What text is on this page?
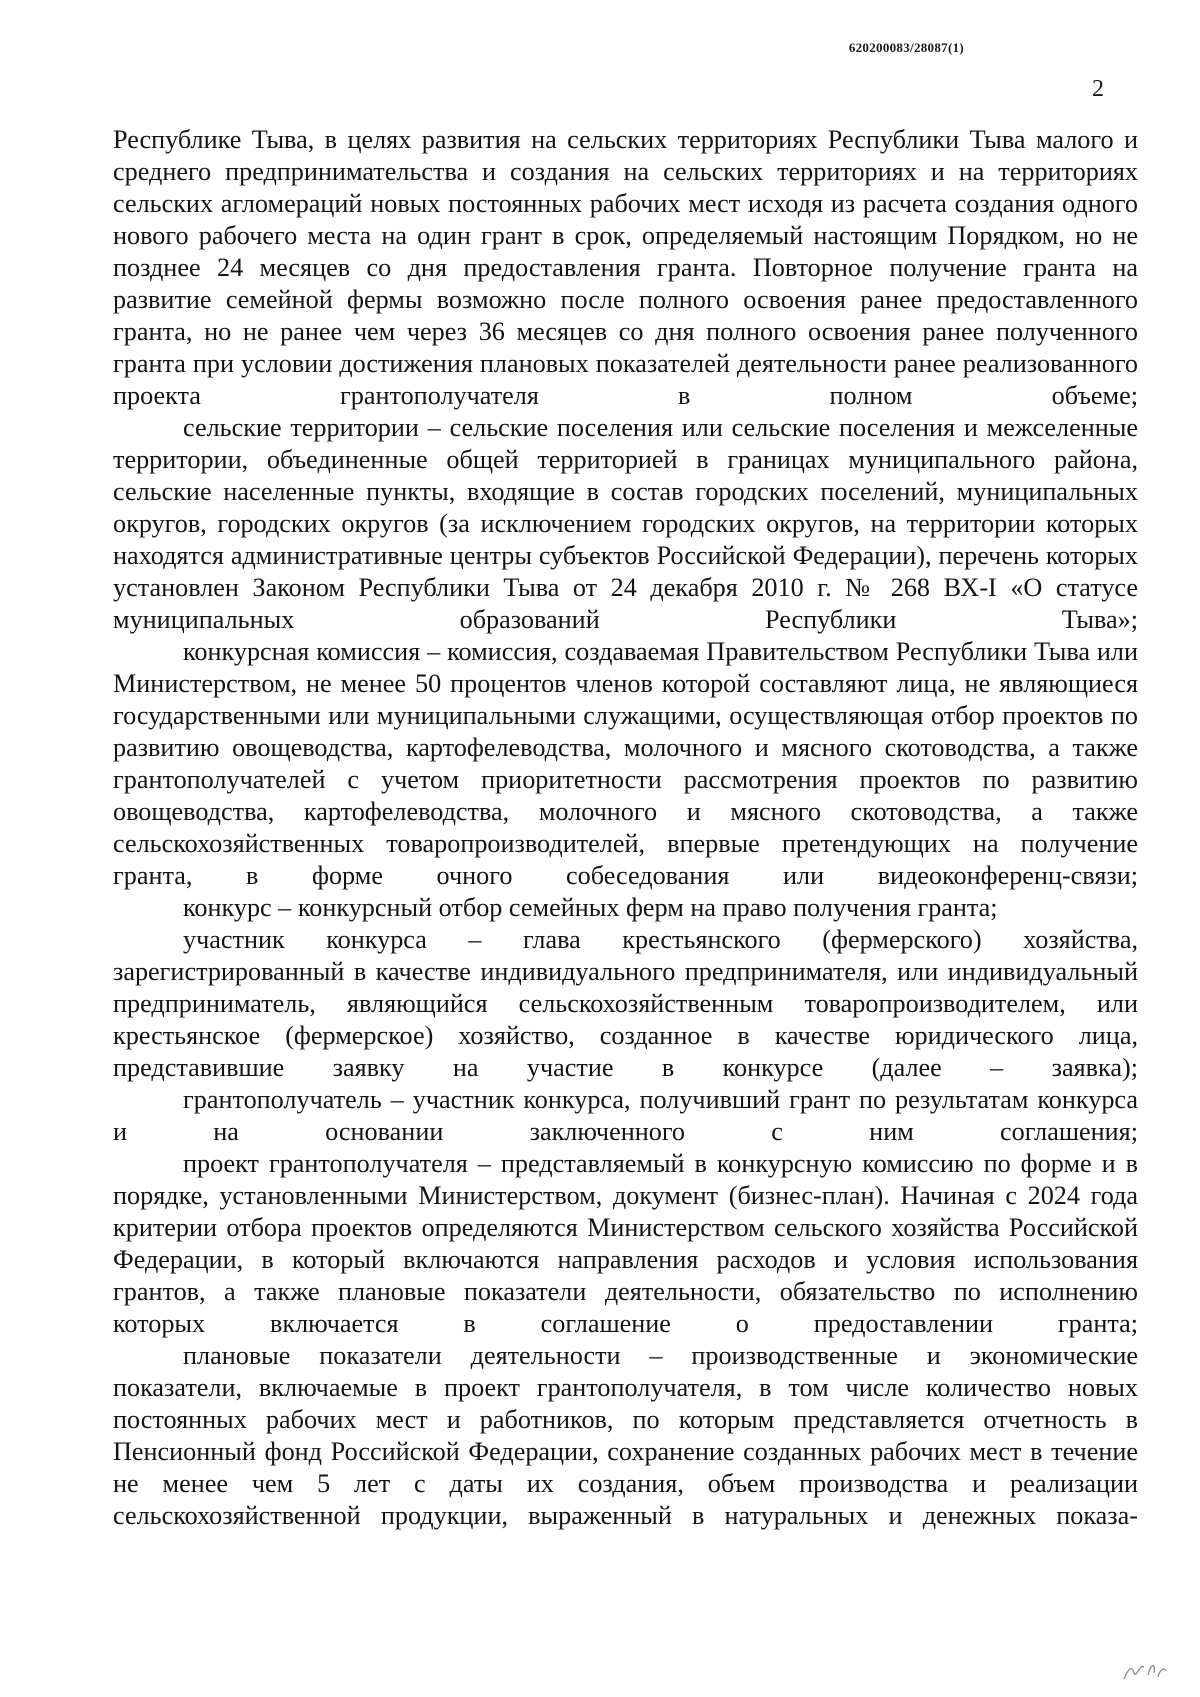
620200083/28087(1)
2

Республике Тыва, в целях развития на сельских территориях Республики Тыва малого и среднего предпринимательства и создания на сельских территориях и на территориях сельских агломераций новых постоянных рабочих мест исходя из расчета создания одного нового рабочего места на один грант в срок, определяемый настоящим Порядком, но не позднее 24 месяцев со дня предоставления гранта. Повторное получение гранта на развитие семейной фермы возможно после полного освоения ранее предоставленного гранта, но не ранее чем через 36 месяцев со дня полного освоения ранее полученного гранта при условии достижения плановых показателей деятельности ранее реализованного проекта грантополучателя в полном объеме;

сельские территории – сельские поселения или сельские поселения и межселенные территории, объединенные общей территорией в границах муниципального района, сельские населенные пункты, входящие в состав городских поселений, муниципальных округов, городских округов (за исключением городских округов, на территории которых находятся административные центры субъектов Российской Федерации), перечень которых установлен Законом Республики Тыва от 24 декабря 2010 г. № 268 ВХ-I «О статусе муниципальных образований Республики Тыва»;

конкурсная комиссия – комиссия, создаваемая Правительством Республики Тыва или Министерством, не менее 50 процентов членов которой составляют лица, не являющиеся государственными или муниципальными служащими, осуществляющая отбор проектов по развитию овощеводства, картофелеводства, молочного и мясного скотоводства, а также грантополучателей с учетом приоритетности рассмотрения проектов по развитию овощеводства, картофелеводства, молочного и мясного скотоводства, а также сельскохозяйственных товаропроизводителей, впервые претендующих на получение гранта, в форме очного собеседования или видеоконференц-связи;

конкурс – конкурсный отбор семейных ферм на право получения гранта;

участник конкурса – глава крестьянского (фермерского) хозяйства, зарегистрированный в качестве индивидуального предпринимателя, или индивидуальный предприниматель, являющийся сельскохозяйственным товаропроизводителем, или крестьянское (фермерское) хозяйство, созданное в качестве юридического лица, представившие заявку на участие в конкурсе (далее – заявка);

грантополучатель – участник конкурса, получивший грант по результатам конкурса и на основании заключенного с ним соглашения;

проект грантополучателя – представляемый в конкурсную комиссию по форме и в порядке, установленными Министерством, документ (бизнес-план). Начиная с 2024 года критерии отбора проектов определяются Министерством сельского хозяйства Российской Федерации, в который включаются направления расходов и условия использования грантов, а также плановые показатели деятельности, обязательство по исполнению которых включается в соглашение о предоставлении гранта;

плановые показатели деятельности – производственные и экономические показатели, включаемые в проект грантополучателя, в том числе количество новых постоянных рабочих мест и работников, по которым представляется отчетность в Пенсионный фонд Российской Федерации, сохранение созданных рабочих мест в течение не менее чем 5 лет с даты их создания, объем производства и реализации сельскохозяйственной продукции, выраженный в натуральных и денежных показа-
